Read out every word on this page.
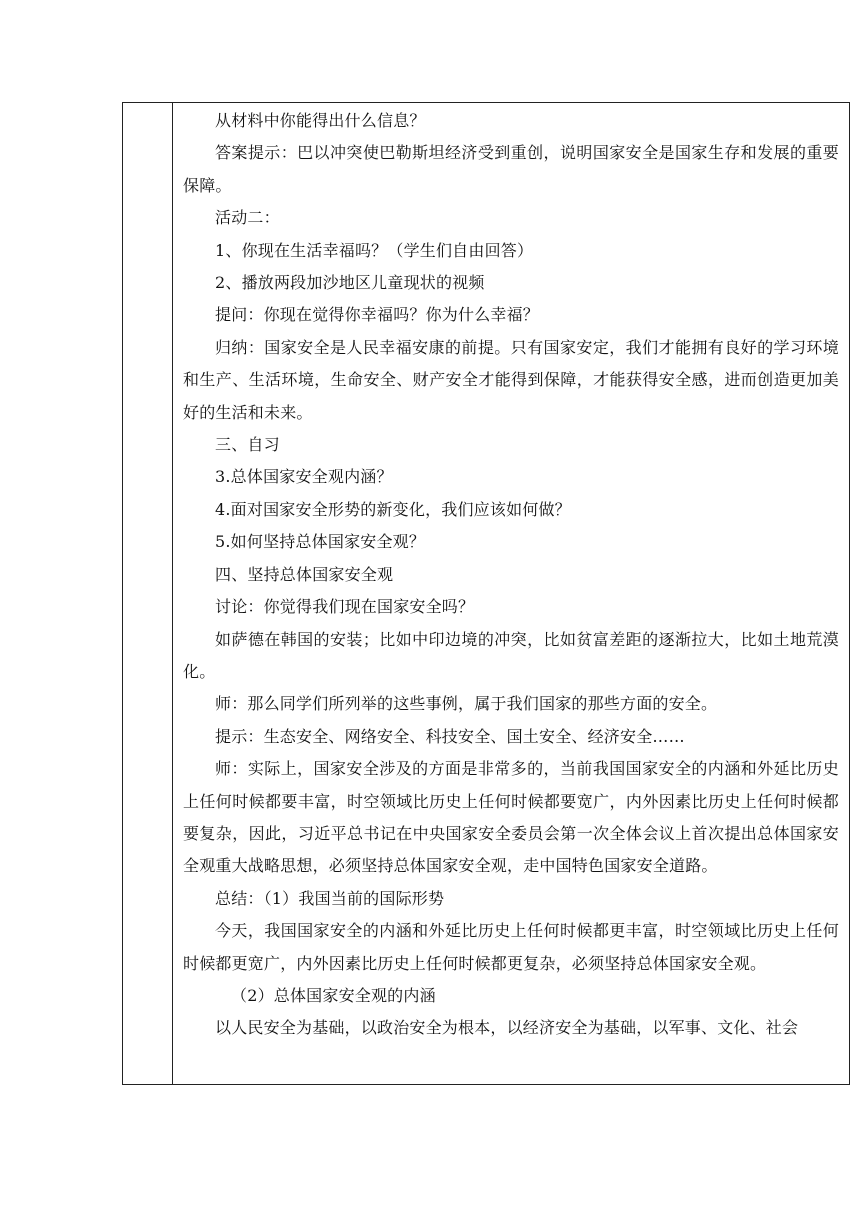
从材料中你能得出什么信息？

答案提示：巴以冲突使巴勒斯坦经济受到重创，说明国家安全是国家生存和发展的重要保障。

活动二：

1、你现在生活幸福吗？（学生们自由回答）

2、播放两段加沙地区儿童现状的视频

提问：你现在觉得你幸福吗？你为什么幸福？

归纳：国家安全是人民幸福安康的前提。只有国家安定，我们才能拥有良好的学习环境和生产、生活环境，生命安全、财产安全才能得到保障，才能获得安全感，进而创造更加美好的生活和未来。

三、自习

3.总体国家安全观内涵？

4.面对国家安全形势的新变化，我们应该如何做？

5.如何坚持总体国家安全观？

四、坚持总体国家安全观

讨论：你觉得我们现在国家安全吗？

如萨德在韩国的安装；比如中印边境的冲突，比如贫富差距的逐渐拉大，比如土地荒漠化。

师：那么同学们所列举的这些事例，属于我们国家的那些方面的安全。

提示：生态安全、网络安全、科技安全、国土安全、经济安全……

师：实际上，国家安全涉及的方面是非常多的，当前我国国家安全的内涵和外延比历史上任何时候都要丰富，时空领域比历史上任何时候都要宽广，内外因素比历史上任何时候都要复杂，因此，习近平总书记在中央国家安全委员会第一次全体会议上首次提出总体国家安全观重大战略思想，必须坚持总体国家安全观，走中国特色国家安全道路。

总结：（1）我国当前的国际形势

今天，我国国家安全的内涵和外延比历史上任何时候都更丰富，时空领域比历史上任何时候都更宽广，内外因素比历史上任何时候都更复杂，必须坚持总体国家安全观。

（2）总体国家安全观的内涵

以人民安全为基础，以政治安全为根本，以经济安全为基础，以军事、文化、社会
